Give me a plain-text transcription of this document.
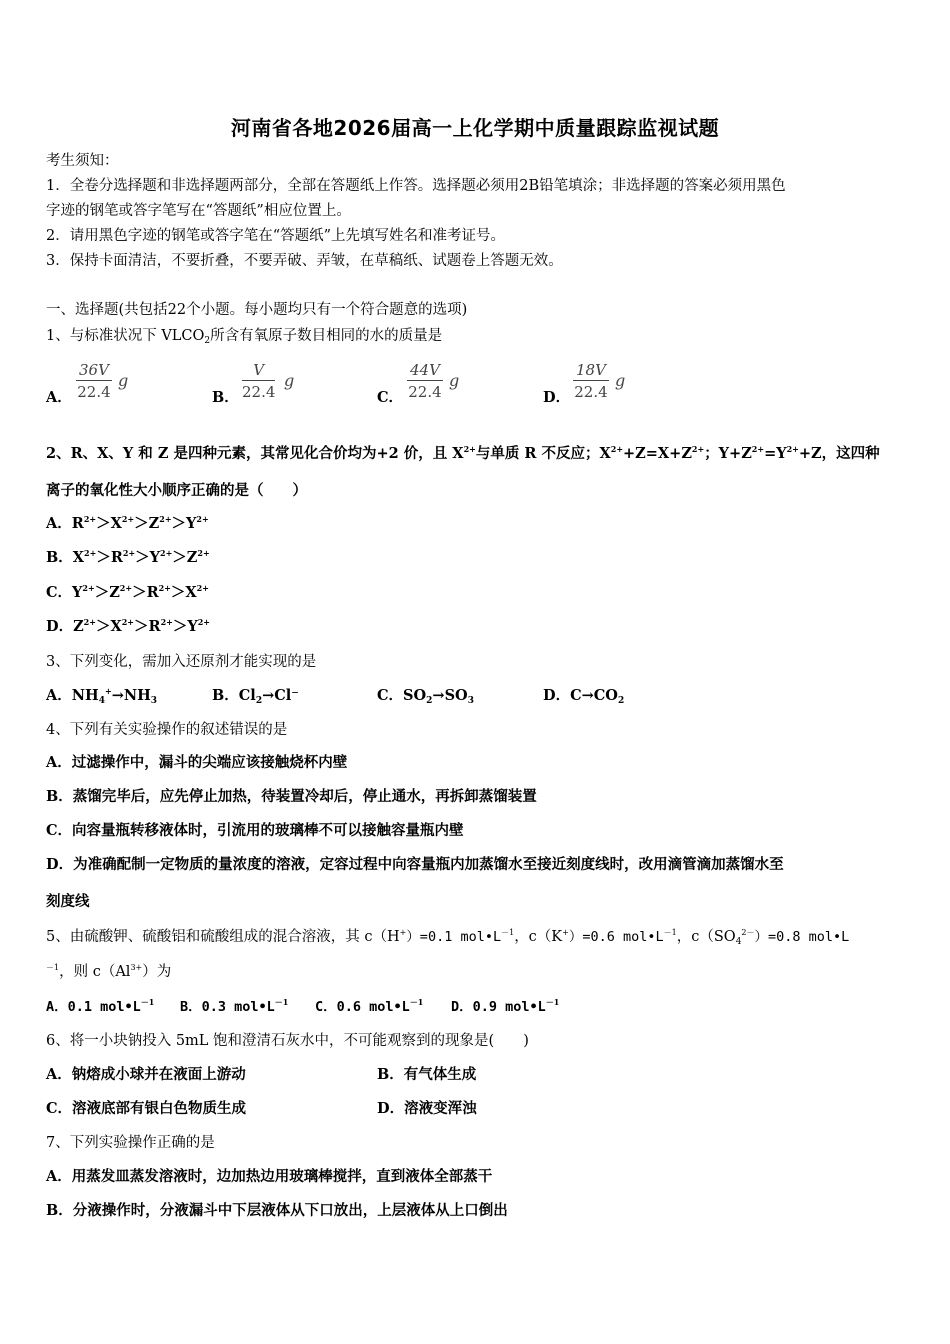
河南省各地2026届高一上化学期中质量跟踪监视试题
考生须知：
1．全卷分选择题和非选择题两部分，全部在答题纸上作答。选择题必须用2B铅笔填涂；非选择题的答案必须用黑色
字迹的钢笔或答字笔写在“答题纸”相应位置上。
2．请用黑色字迹的钢笔或答字笔在“答题纸”上先填写姓名和准考证号。
3．保持卡面清洁，不要折叠，不要弄破、弄皱，在草稿纸、试题卷上答题无效。
一、选择题(共包括22个小题。每小题均只有一个符合题意的选项)
1、与标准状况下 $VLCO_2$所含有氧原子数目相同的水的质量是
A． $\frac{36V}{22.4}$ g
B． $\frac{V}{22.4}$ g
C． $\frac{44V}{22.4}$ g
D． $\frac{18V}{22.4}$ g
2、R、X、Y 和 Z 是四种元素，其常见化合价均为+2 价，且 $X^{2+}$与单质 R 不反应；$X^{2+}+Z=X+Z^{2+}$；$Y+Z^{2+}=Y^{2+}+Z$，这四种
离子的氧化性大小顺序正确的是（　　）
A．$R^{2+}>X^{2+}>Z^{2+}>Y^{2+}$
B．$X^{2+}>R^{2+}>Y^{2+}>Z^{2+}$
C．$Y^{2+}>Z^{2+}>R^{2+}>X^{2+}$
D．$Z^{2+}>X^{2+}>R^{2+}>Y^{2+}$
3、下列变化，需加入还原剂才能实现的是
A．$NH_4^+\to NH_3$	B．$Cl_2\to Cl^-$	C．$SO_2\to SO_3$	D．$C\to CO_2$
4、下列有关实验操作的叙述错误的是
A．过滤操作中，漏斗的尖端应该接触烧杯内壁
B．蒸馏完毕后，应先停止加热，待装置冷却后，停止通水，再拆卸蒸馏装置
C．向容量瓶转移液体时，引流用的玻璃棒不可以接触容量瓶内壁
D．为准确配制一定物质的量浓度的溶液，定容过程中向容量瓶内加蒸馏水至接近刻度线时，改用滴管滴加蒸馏水至
刻度线
5、由硫酸钾、硫酸铝和硫酸组成的混合溶液，其 c（H+）=0.1 $mol•L^{-1}$，c（K+）=0.6 $mol•L^{-1}$，$c(SO_4^{2-})=0.8$ mol•L
$^{-1}$，则 $c(Al^{3+})$为
A．0.1 $mol•L^{-1}$ B．0.3 $mol•L^{-1}$ C．0.6 $mol•L^{-1}$ D．0.9 $mol•L^{-1}$
6、将一小块钠投入 5mL 饱和澄清石灰水中，不可能观察到的现象是(　　)
A．钠熔成小球并在液面上游动	B．有气体生成
C．溶液底部有银白色物质生成	D．溶液变浑浊
7、下列实验操作正确的是
A．用蒸发皿蒸发溶液时，边加热边用玻璃棒搅拌，直到液体全部蒸干
B．分液操作时，分液漏斗中下层液体从下口放出，上层液体从上口倒出
